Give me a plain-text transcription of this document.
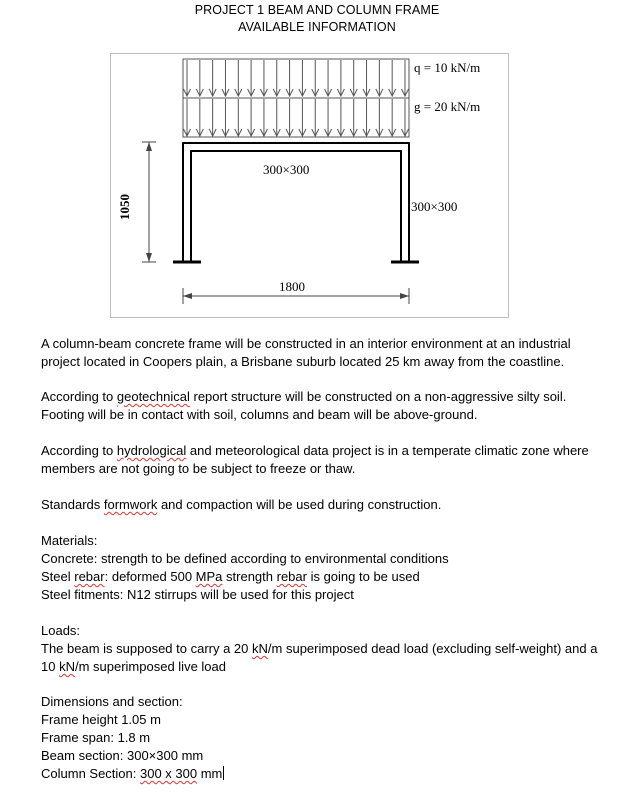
PROJECT 1 BEAM AND COLUMN FRAME
AVAILABLE INFORMATION
q = 10 kN/m
g = 20 kN/m
300×300
300×300
1050
1800
A column-beam concrete frame will be constructed in an interior environment at an industrial
project located in Coopers plain, a Brisbane suburb located 25 km away from the coastline.
According to geotechnical report structure will be constructed on a non-aggressive silty soil.
Footing will be in contact with soil, columns and beam will be above-ground.
According to hydrological and meteorological data project is in a temperate climatic zone where
members are not going to be subject to freeze or thaw.
Standards formwork and compaction will be used during construction.
Materials:
Concrete: strength to be defined according to environmental conditions
Steel rebar: deformed 500 MPa strength rebar is going to be used
Steel fitments: N12 stirrups will be used for this project
Loads:
The beam is supposed to carry a 20 kN/m superimposed dead load (excluding self-weight) and a
10 kN/m superimposed live load
Dimensions and section:
Frame height 1.05 m
Frame span: 1.8 m
Beam section: 300×300 mm
Column Section: 300 x 300 mm
